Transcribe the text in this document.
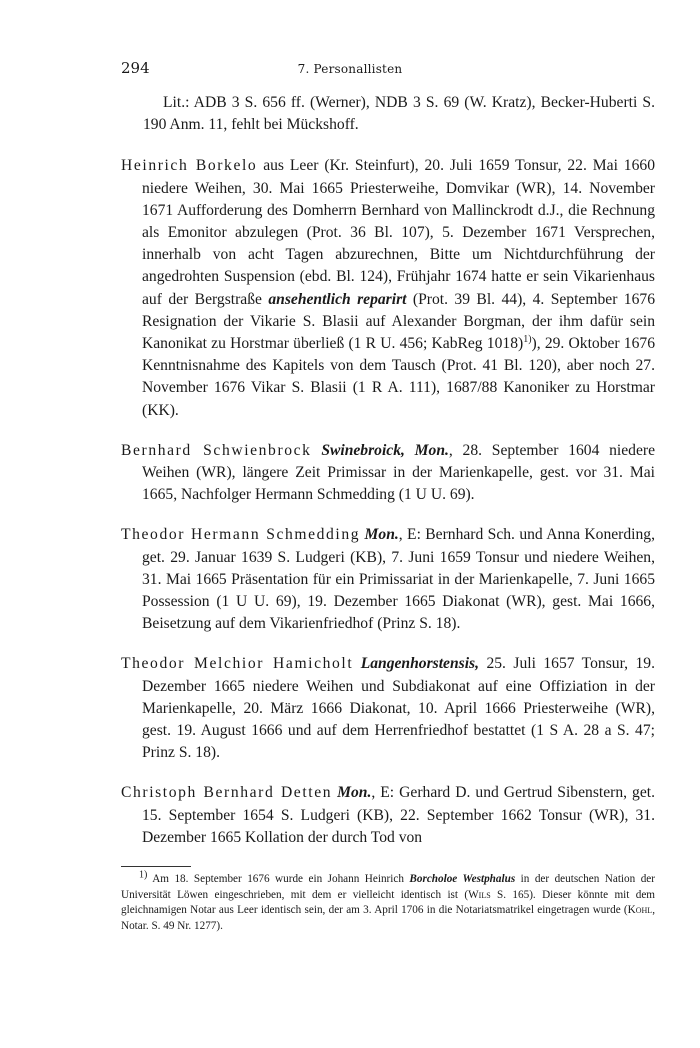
294	7. Personallisten

Lit.: ADB 3 S. 656 ff. (Werner), NDB 3 S. 69 (W. Kratz), Becker-Huberti S. 190 Anm. 11, fehlt bei Mückshoff.

Heinrich Borkelo aus Leer (Kr. Steinfurt), 20. Juli 1659 Tonsur, 22. Mai 1660 niedere Weihen, 30. Mai 1665 Priesterweihe, Domvikar (WR), 14. November 1671 Aufforderung des Domherrn Bernhard von Mallinckrodt d.J., die Rechnung als Emonitor abzulegen (Prot. 36 Bl. 107), 5. Dezember 1671 Versprechen, innerhalb von acht Tagen abzurechnen, Bitte um Nichtdurchführung der angedrohten Suspension (ebd. Bl. 124), Frühjahr 1674 hatte er sein Vikarienhaus auf der Bergstraße ansehentlich reparirt (Prot. 39 Bl. 44), 4. September 1676 Resignation der Vikarie S. Blasii auf Alexander Borgman, der ihm dafür sein Kanonikat zu Horstmar überließ (1 R U. 456; KabReg 1018)$^{1)}$), 29. Oktober 1676 Kenntnisnahme des Kapitels von dem Tausch (Prot. 41 Bl. 120), aber noch 27. November 1676 Vikar S. Blasii (1 R A. 111), 1687/88 Kanoniker zu Horstmar (KK).

Bernhard Schwienbrock Swinebroick, Mon., 28. September 1604 niedere Weihen (WR), längere Zeit Primissar in der Marienkapelle, gest. vor 31. Mai 1665, Nachfolger Hermann Schmedding (1 U U. 69).

Theodor Hermann Schmedding Mon., E: Bernhard Sch. und Anna Konerding, get. 29. Januar 1639 S. Ludgeri (KB), 7. Juni 1659 Tonsur und niedere Weihen, 31. Mai 1665 Präsentation für ein Primissariat in der Marienkapelle, 7. Juni 1665 Possession (1 U U. 69), 19. Dezember 1665 Diakonat (WR), gest. Mai 1666, Beisetzung auf dem Vikarienfriedhof (Prinz S. 18).

Theodor Melchior Hamicholt Langenhorstensis, 25. Juli 1657 Tonsur, 19. Dezember 1665 niedere Weihen und Subdiakonat auf eine Offiziation in der Marienkapelle, 20. März 1666 Diakonat, 10. April 1666 Priesterweihe (WR), gest. 19. August 1666 und auf dem Herrenfriedhof bestattet (1 S A. 28 a S. 47; Prinz S. 18).

Christoph Bernhard Detten Mon., E: Gerhard D. und Gertrud Sibenstern, get. 15. September 1654 S. Ludgeri (KB), 22. September 1662 Tonsur (WR), 31. Dezember 1665 Kollation der durch Tod von

1) Am 18. September 1676 wurde ein Johann Heinrich Borcholoe Westphalus in der deutschen Nation der Universität Löwen eingeschrieben, mit dem er vielleicht identisch ist (Wils S. 165). Dieser könnte mit dem gleichnamigen Notar aus Leer identisch sein, der am 3. April 1706 in die Notariatsmatrikel eingetragen wurde (Kohl, Notar. S. 49 Nr. 1277).
